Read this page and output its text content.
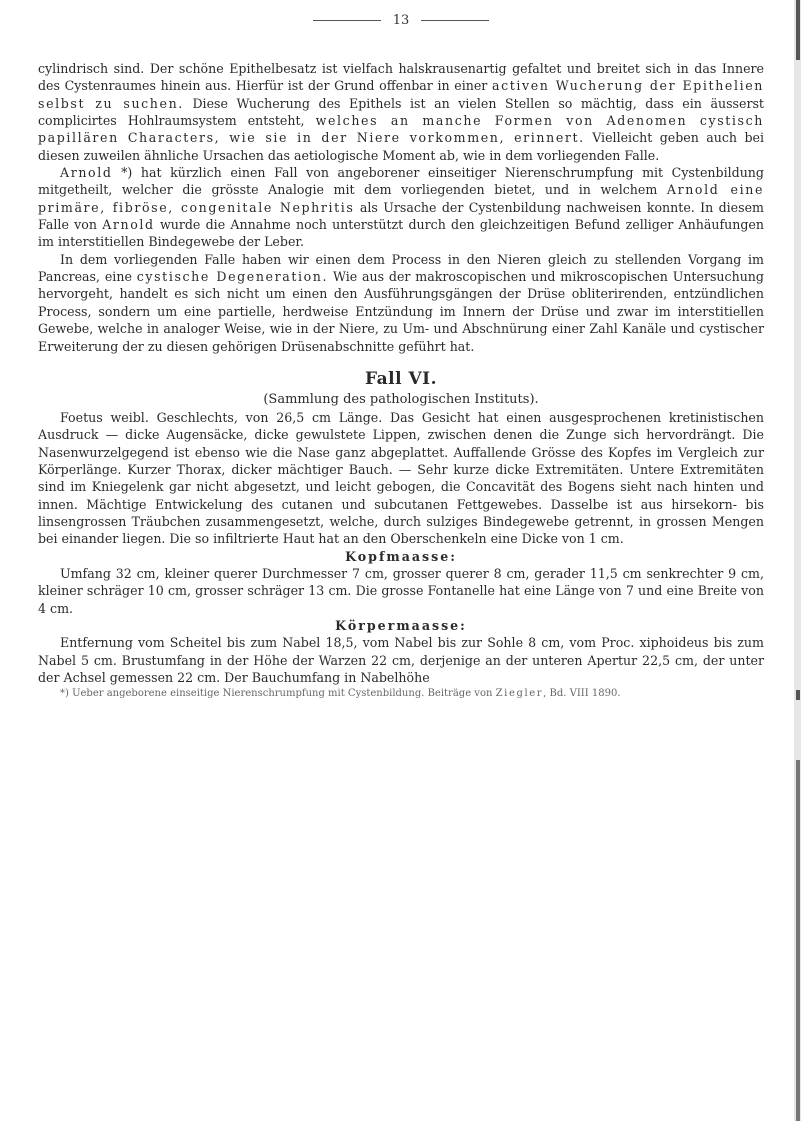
13

cylindrisch sind. Der schöne Epithelbesatz ist vielfach halskrausenartig gefaltet und breitet sich in das Innere des Cystenraumes hinein aus. Hierfür ist der Grund offenbar in einer activen Wucherung der Epithelien selbst zu suchen. Diese Wucherung des Epithels ist an vielen Stellen so mächtig, dass ein äusserst complicirtes Hohlraumsystem entsteht, welches an manche Formen von Adenomen cystisch papillären Characters, wie sie in der Niere vorkommen, erinnert. Vielleicht geben auch bei diesen zuweilen ähnliche Ursachen das aetiologische Moment ab, wie in dem vorliegenden Falle.

Arnold *) hat kürzlich einen Fall von angeborener einseitiger Nierenschrumpfung mit Cystenbildung mitgetheilt, welcher die grösste Analogie mit dem vorliegenden bietet, und in welchem Arnold eine primäre, fibröse, congenitale Nephritis als Ursache der Cystenbildung nachweisen konnte. In diesem Falle von Arnold wurde die Annahme noch unterstützt durch den gleichzeitigen Befund zelliger Anhäufungen im interstitiellen Bindegewebe der Leber.

In dem vorliegenden Falle haben wir einen dem Process in den Nieren gleich zu stellenden Vorgang im Pancreas, eine cystische Degeneration. Wie aus der makroscopischen und mikroscopischen Untersuchung hervorgeht, handelt es sich nicht um einen den Ausführungsgängen der Drüse obliterirenden, entzündlichen Process, sondern um eine partielle, herdweise Entzündung im Innern der Drüse und zwar im interstitiellen Gewebe, welche in analoger Weise, wie in der Niere, zu Um- und Abschnürung einer Zahl Kanäle und cystischer Erweiterung der zu diesen gehörigen Drüsenabschnitte geführt hat.

Fall VI.
(Sammlung des pathologischen Instituts).

Foetus weibl. Geschlechts, von 26,5 cm Länge. Das Gesicht hat einen ausgesprochenen kretinistischen Ausdruck — dicke Augensäcke, dicke gewulstete Lippen, zwischen denen die Zunge sich hervordrängt. Die Nasenwurzelgegend ist ebenso wie die Nase ganz abgeplattet. Auffallende Grösse des Kopfes im Vergleich zur Körperlänge. Kurzer Thorax, dicker mächtiger Bauch. — Sehr kurze dicke Extremitäten. Untere Extremitäten sind im Kniegelenk gar nicht abgesetzt, und leicht gebogen, die Concavität des Bogens sieht nach hinten und innen. Mächtige Entwickelung des cutanen und subcutanen Fettgewebes. Dasselbe ist aus hirsekorn- bis linsengrossen Träubchen zusammengesetzt, welche, durch sulziges Bindegewebe getrennt, in grossen Mengen bei einander liegen. Die so infiltrierte Haut hat an den Oberschenkeln eine Dicke von 1 cm.

Kopfmaasse:

Umfang 32 cm, kleiner querer Durchmesser 7 cm, grosser querer 8 cm, gerader 11,5 cm senkrechter 9 cm, kleiner schräger 10 cm, grosser schräger 13 cm. Die grosse Fontanelle hat eine Länge von 7 und eine Breite von 4 cm.

Körpermaasse:

Entfernung vom Scheitel bis zum Nabel 18,5, vom Nabel bis zur Sohle 8 cm, vom Proc. xiphoideus bis zum Nabel 5 cm. Brustumfang in der Höhe der Warzen 22 cm, derjenige an der unteren Apertur 22,5 cm, der unter der Achsel gemessen 22 cm. Der Bauchumfang in Nabelhöhe

*) Ueber angeborene einseitige Nierenschrumpfung mit Cystenbildung. Beiträge von Ziegler, Bd. VIII 1890.
